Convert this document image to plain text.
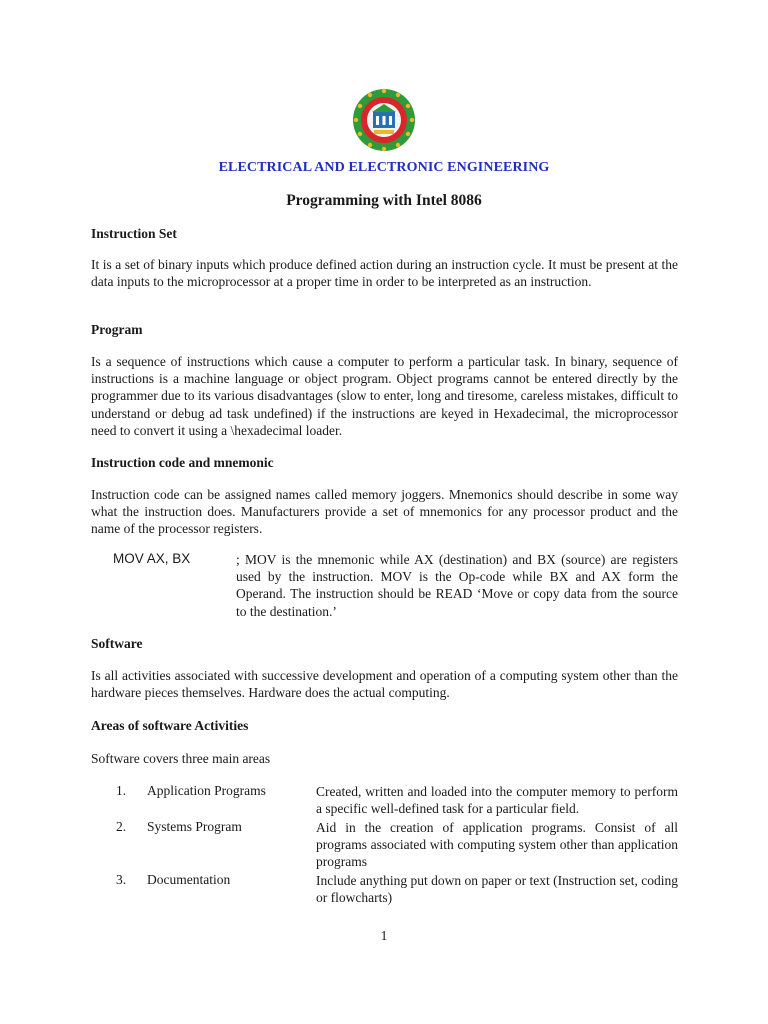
ELECTRICAL AND ELECTRONIC ENGINEERING
Programming with Intel 8086
Instruction Set

It is a set of binary inputs which produce defined action during an instruction cycle. It must be present at the data inputs to the microprocessor at a proper time in order to be interpreted as an instruction.

Program

Is a sequence of instructions which cause a computer to perform a particular task. In binary, sequence of instructions is a machine language or object program. Object programs cannot be entered directly by the programmer due to its various disadvantages (slow to enter, long and tiresome, careless mistakes, difficult to understand or debug ad task undefined) if the instructions are keyed in Hexadecimal, the microprocessor need to convert it using a \hexadecimal loader.

Instruction code and mnemonic

Instruction code can be assigned names called memory joggers. Mnemonics should describe in some way what the instruction does. Manufacturers provide a set of mnemonics for any processor product and the name of the processor registers.

MOV AX, BX	; MOV is the mnemonic while AX (destination) and BX (source) are registers used by the instruction. MOV is the Op-code while BX and AX form the Operand. The instruction should be READ ‘Move or copy data from the source to the destination.’

Software

Is all activities associated with successive development and operation of a computing system other than the hardware pieces themselves. Hardware does the actual computing.

Areas of software Activities
Software covers three main areas
1. Application Programs	Created, written and loaded into the computer memory to perform a specific well-defined task for a particular field.

2. Systems Program	Aid in the creation of application programs. Consist of all programs associated with computing system other than application programs

3. Documentation	Include anything put down on paper or text (Instruction set, coding or flowcharts)

1
